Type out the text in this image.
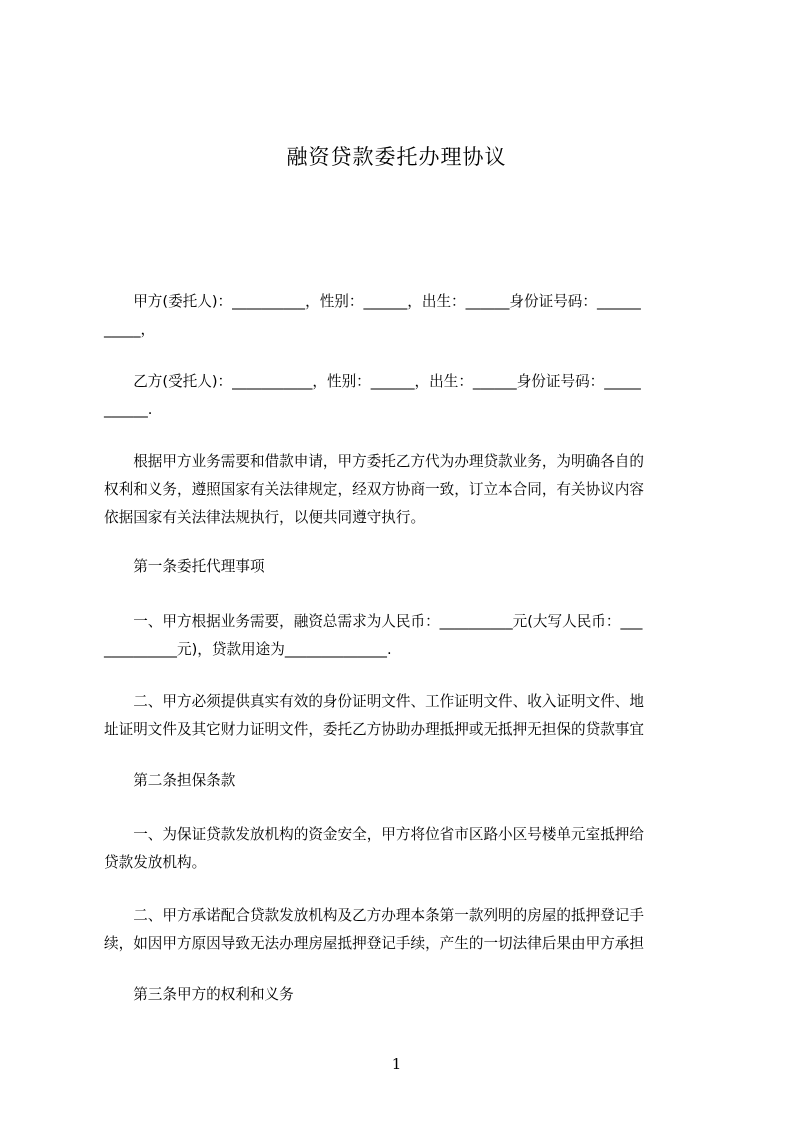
融资贷款委托办理协议
　　甲方(委托人)：__________，性别：______，出生：______身份证号码：______
_____，
　　乙方(受托人)：___________，性别：______，出生：______身份证号码：_____
______.
　　根据甲方业务需要和借款申请，甲方委托乙方代为办理贷款业务，为明确各自的
权利和义务，遵照国家有关法律规定，经双方协商一致，订立本合同，有关协议内容
依据国家有关法律法规执行，以便共同遵守执行。
　　第一条委托代理事项
　　一、甲方根据业务需要，融资总需求为人民币：__________元(大写人民币：___
__________元)，贷款用途为______________.
　　二、甲方必须提供真实有效的身份证明文件、工作证明文件、收入证明文件、地
址证明文件及其它财力证明文件，委托乙方协助办理抵押或无抵押无担保的贷款事宜
　　第二条担保条款
　　一、为保证贷款发放机构的资金安全，甲方将位省市区路小区号楼单元室抵押给
贷款发放机构。
　　二、甲方承诺配合贷款发放机构及乙方办理本条第一款列明的房屋的抵押登记手
续，如因甲方原因导致无法办理房屋抵押登记手续，产生的一切法律后果由甲方承担
　　第三条甲方的权利和义务
1
